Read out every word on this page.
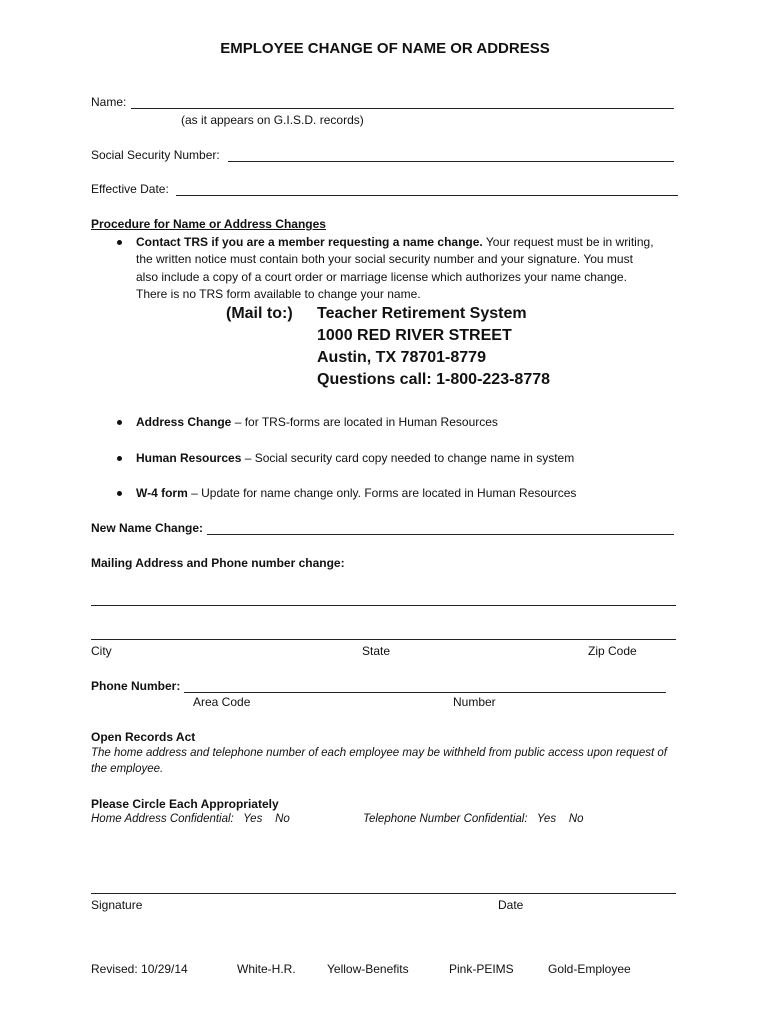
EMPLOYEE CHANGE OF NAME OR ADDRESS
Name:
(as it appears on G.I.S.D. records)
Social Security Number:
Effective Date:
Procedure for Name or Address Changes
Contact TRS if you are a member requesting a name change. Your request must be in writing,
the written notice must contain both your social security number and your signature. You must
also include a copy of a court order or marriage license which authorizes your name change.
There is no TRS form available to change your name.
(Mail to:) Teacher Retirement System
1000 RED RIVER STREET
Austin, TX 78701-8779
Questions call: 1-800-223-8778
Address Change – for TRS-forms are located in Human Resources
Human Resources – Social security card copy needed to change name in system
W-4 form – Update for name change only. Forms are located in Human Resources
New Name Change:
Mailing Address and Phone number change:
City	State	Zip Code
Phone Number:
Area Code	Number
Open Records Act
The home address and telephone number of each employee may be withheld from public access upon request of
the employee.
Please Circle Each Appropriately
Home Address Confidential:   Yes    No	Telephone Number Confidential:   Yes    No
Signature	Date
Revised: 10/29/14	White-H.R.	Yellow-Benefits	Pink-PEIMS	Gold-Employee
